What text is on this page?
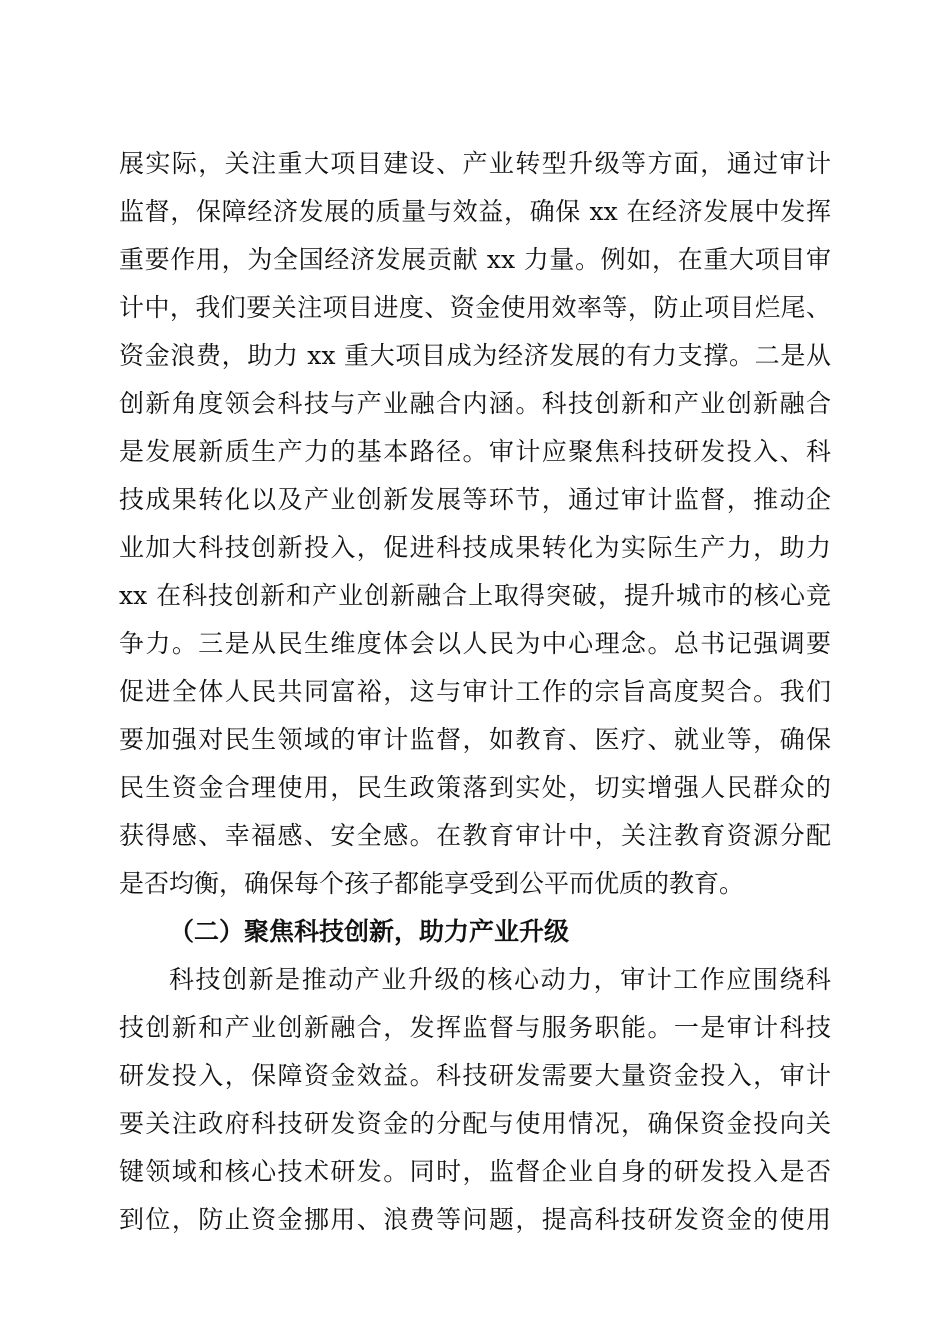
展实际，关注重大项目建设、产业转型升级等方面，通过审计
监督，保障经济发展的质量与效益，确保 xx 在经济发展中发挥
重要作用，为全国经济发展贡献 xx 力量。例如，在重大项目审
计中，我们要关注项目进度、资金使用效率等，防止项目烂尾、
资金浪费，助力 xx 重大项目成为经济发展的有力支撑。二是从
创新角度领会科技与产业融合内涵。科技创新和产业创新融合
是发展新质生产力的基本路径。审计应聚焦科技研发投入、科
技成果转化以及产业创新发展等环节，通过审计监督，推动企
业加大科技创新投入，促进科技成果转化为实际生产力，助力
xx 在科技创新和产业创新融合上取得突破，提升城市的核心竞
争力。三是从民生维度体会以人民为中心理念。总书记强调要
促进全体人民共同富裕，这与审计工作的宗旨高度契合。我们
要加强对民生领域的审计监督，如教育、医疗、就业等，确保
民生资金合理使用，民生政策落到实处，切实增强人民群众的
获得感、幸福感、安全感。在教育审计中，关注教育资源分配
是否均衡，确保每个孩子都能享受到公平而优质的教育。
（二）聚焦科技创新，助力产业升级
科技创新是推动产业升级的核心动力，审计工作应围绕科
技创新和产业创新融合，发挥监督与服务职能。一是审计科技
研发投入，保障资金效益。科技研发需要大量资金投入，审计
要关注政府科技研发资金的分配与使用情况，确保资金投向关
键领域和核心技术研发。同时，监督企业自身的研发投入是否
到位，防止资金挪用、浪费等问题，提高科技研发资金的使用
